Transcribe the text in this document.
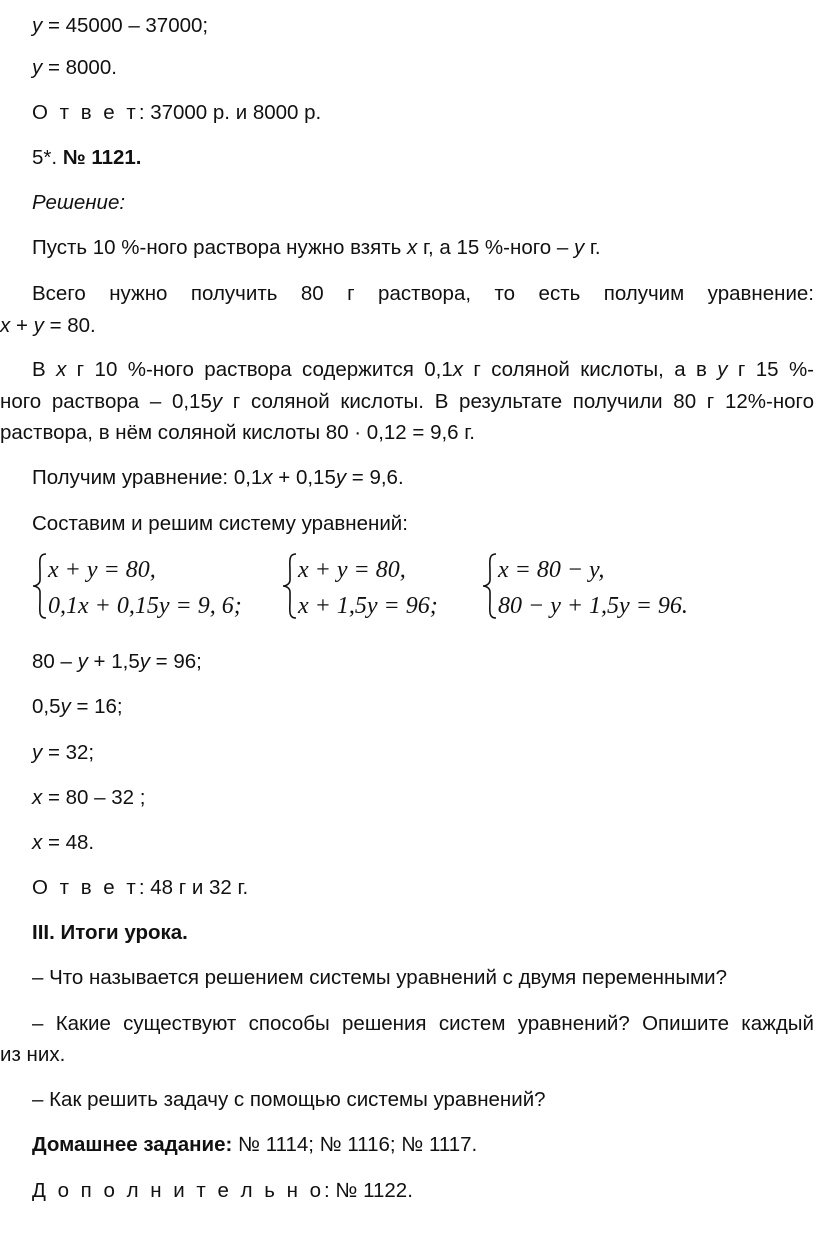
y = 45000 – 37000;
y = 8000.
О т в е т: 37000 р. и 8000 р.
5*. № 1121.
Решение:
Пусть 10 %-ного раствора нужно взять x г, а 15 %-ного – y г.
Всего нужно получить 80 г раствора, то есть получим уравнение:
x + y = 80.
В x г 10 %-ного раствора содержится 0,1x г соляной кислоты, а в y г 15 %-
ного раствора – 0,15y г соляной кислоты. В результате получили 80 г 12%-ного
раствора, в нём соляной кислоты 80 · 0,12 = 9,6 г.
Получим уравнение: 0,1x + 0,15y = 9,6.
Составим и решим систему уравнений:
x + y = 80,
0,1x + 0,15y = 9, 6;
x + y = 80,
x + 1,5y = 96;
x = 80 − y,
80 − y + 1,5y = 96.
80 – y + 1,5y = 96;
0,5y = 16;
y = 32;
x = 80 – 32 ;
x = 48.
О т в е т: 48 г и 32 г.
III. Итоги урока.
– Что называется решением системы уравнений с двумя переменными?
– Какие существуют способы решения систем уравнений? Опишите каждый
из них.
– Как решить задачу с помощью системы уравнений?
Домашнее задание: № 1114; № 1116; № 1117.
Д о п о л н и т е л ь н о: № 1122.
